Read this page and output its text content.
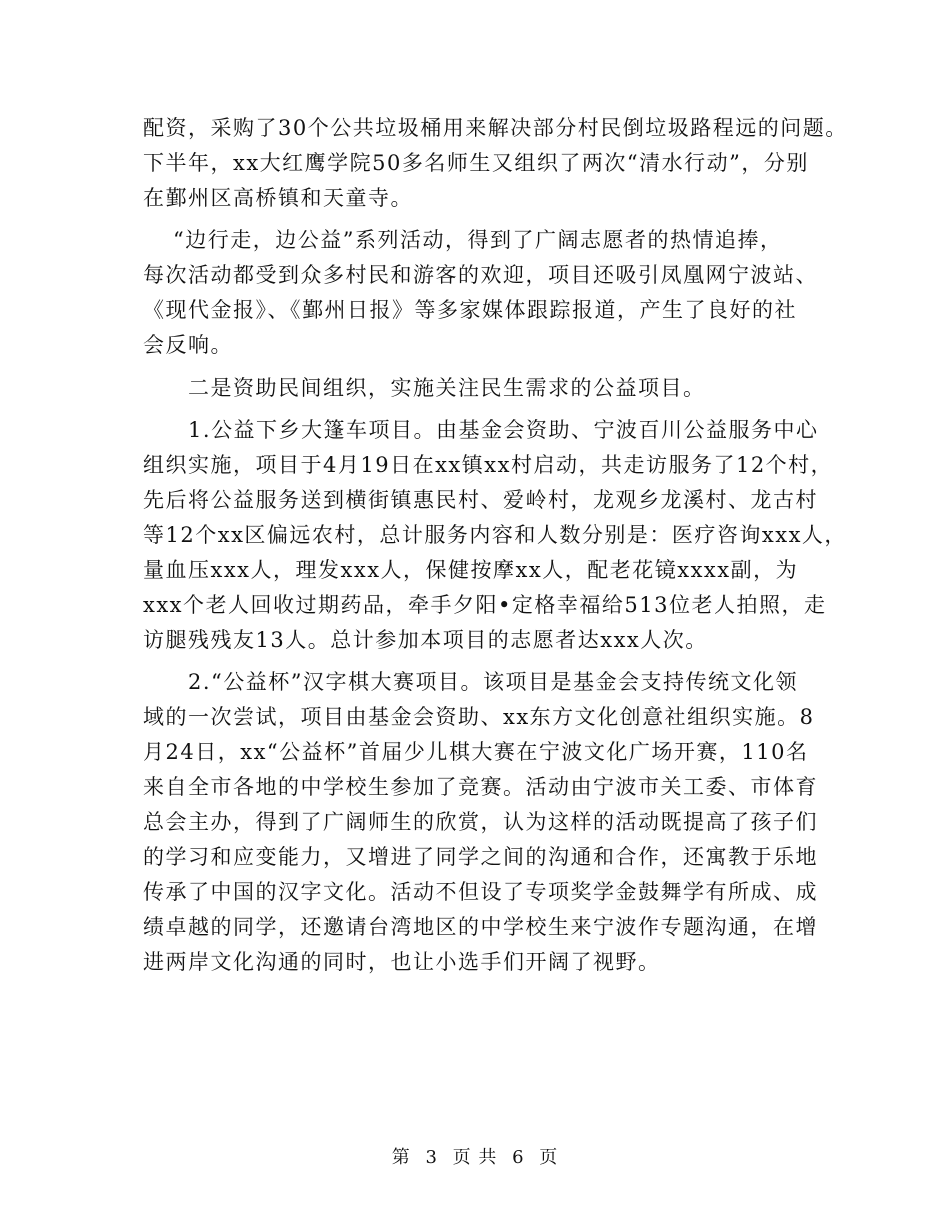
配资，采购了30个公共垃圾桶用来解决部分村民倒垃圾路程远的问题。
下半年，xx大红鹰学院50多名师生又组织了两次“清水行动”，分别
在鄞州区高桥镇和天童寺。
“边行走，边公益”系列活动，得到了广阔志愿者的热情追捧，
每次活动都受到众多村民和游客的欢迎，项目还吸引凤凰网宁波站、
《现代金报》、《鄞州日报》等多家媒体跟踪报道，产生了良好的社
会反响。
二是资助民间组织，实施关注民生需求的公益项目。
1.公益下乡大篷车项目。由基金会资助、宁波百川公益服务中心
组织实施，项目于4月19日在xx镇xx村启动，共走访服务了12个村，
先后将公益服务送到横街镇惠民村、爱岭村，龙观乡龙溪村、龙古村
等12个xx区偏远农村，总计服务内容和人数分别是：医疗咨询xxx人，
量血压xxx人，理发xxx人，保健按摩xx人，配老花镜xxxx副，为
xxx个老人回收过期药品，牵手夕阳•定格幸福给513位老人拍照，走
访腿残残友13人。总计参加本项目的志愿者达xxx人次。
2.“公益杯”汉字棋大赛项目。该项目是基金会支持传统文化领
域的一次尝试，项目由基金会资助、xx东方文化创意社组织实施。8
月24日，xx“公益杯”首届少儿棋大赛在宁波文化广场开赛，110名
来自全市各地的中学校生参加了竞赛。活动由宁波市关工委、市体育
总会主办，得到了广阔师生的欣赏，认为这样的活动既提高了孩子们
的学习和应变能力，又增进了同学之间的沟通和合作，还寓教于乐地
传承了中国的汉字文化。活动不但设了专项奖学金鼓舞学有所成、成
绩卓越的同学，还邀请台湾地区的中学校生来宁波作专题沟通，在增
进两岸文化沟通的同时，也让小选手们开阔了视野。
第 3 页 共 6 页
